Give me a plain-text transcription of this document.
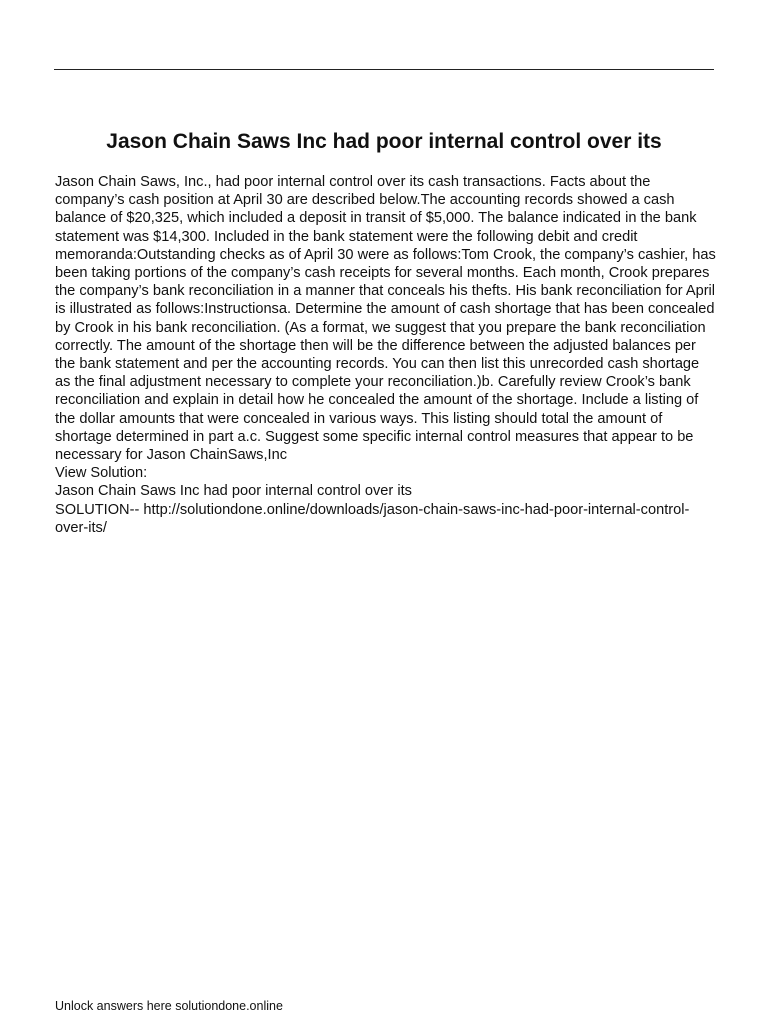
Jason Chain Saws Inc had poor internal control over its

Jason Chain Saws, Inc., had poor internal control over its cash transactions. Facts about the company’s cash position at April 30 are described below.The accounting records showed a cash balance of $20,325, which included a deposit in transit of $5,000. The balance indicated in the bank statement was $14,300. Included in the bank statement were the following debit and credit memoranda:Outstanding checks as of April 30 were as follows:Tom Crook, the company’s cashier, has been taking portions of the company’s cash receipts for several months. Each month, Crook prepares the company’s bank reconciliation in a manner that conceals his thefts. His bank reconciliation for April is illustrated as follows:Instructionsa. Determine the amount of cash shortage that has been concealed by Crook in his bank reconciliation. (As a format, we suggest that you prepare the bank reconciliation correctly. The amount of the shortage then will be the difference between the adjusted balances per the bank statement and per the accounting records. You can then list this unrecorded cash shortage as the final adjustment necessary to complete your reconciliation.)b. Carefully review Crook’s bank reconciliation and explain in detail how he concealed the amount of the shortage. Include a listing of the dollar amounts that were concealed in various ways. This listing should total the amount of shortage determined in part a.c. Suggest some specific internal control measures that appear to be necessary for Jason ChainSaws,Inc

View Solution:

Jason Chain Saws Inc had poor internal control over its

SOLUTION-- http://solutiondone.online/downloads/jason-chain-saws-inc-had-poor-internal-control-over-its/

Unlock answers here solutiondone.online
